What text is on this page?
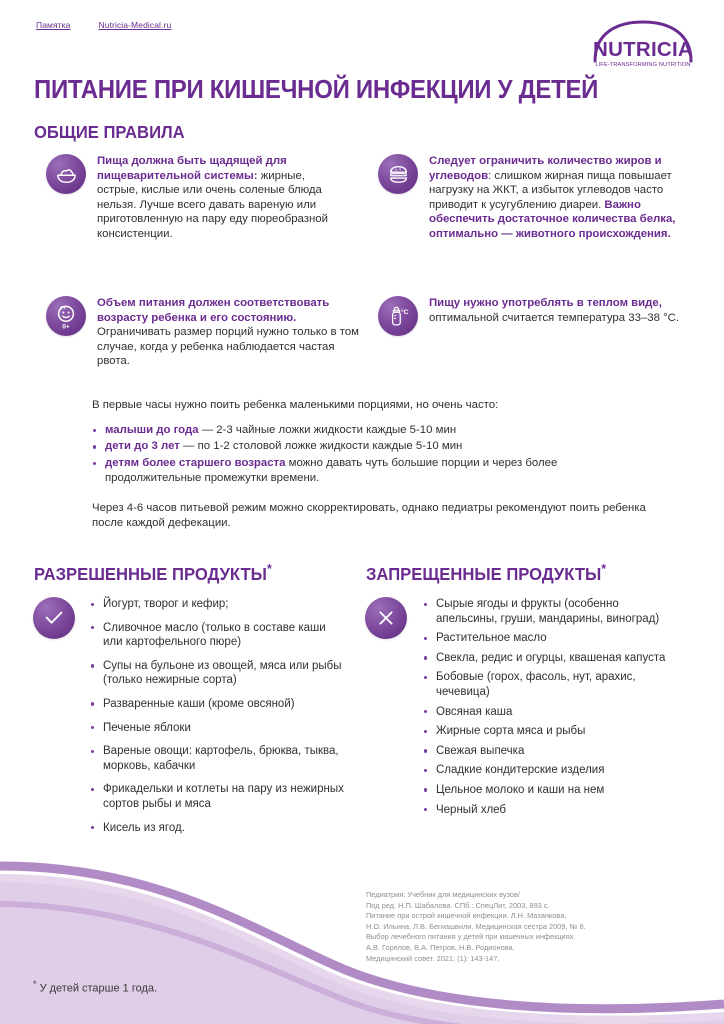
Памятка	Nutricia-Medical.ru
NUTRICIA
LIFE-TRANSFORMING NUTRITION
ПИТАНИЕ ПРИ КИШЕЧНОЙ ИНФЕКЦИИ У ДЕТЕЙ
ОБЩИЕ ПРАВИЛА
Пища должна быть щадящей для пищеварительной системы: жирные, острые, кислые или очень соленые блюда нельзя. Лучше всего давать вареную или приготовленную на пару еду пюреобразной консистенции.
Следует ограничить количество жиров и углеводов: слишком жирная пища повышает нагрузку на ЖКТ, а избыток углеводов часто приводит к усугублению диареи. Важно обеспечить достаточное количества белка, оптимально — животного происхождения.
0+
Объем питания должен соответствовать возрасту ребенка и его состоянию. Ограничивать размер порций нужно только в том случае, когда у ребенка наблюдается частая рвота.
°C
Пищу нужно употреблять в теплом виде, оптимальной считается температура 33–38 °С.
В первые часы нужно поить ребенка маленькими порциями, но очень часто:
малыши до года — 2-3 чайные ложки жидкости каждые 5-10 мин
дети до 3 лет — по 1-2 столовой ложке жидкости каждые 5-10 мин
детям более старшего возраста можно давать чуть большие порции и через более продолжительные промежутки времени.
Через 4-6 часов питьевой режим можно скорректировать, однако педиатры рекомендуют поить ребенка после каждой дефекации.
РАЗРЕШЕННЫЕ ПРОДУКТЫ*
Йогурт, творог и кефир;
Сливочное масло (только в составе каши или картофельного пюре)
Супы на бульоне из овощей, мяса или рыбы (только нежирные сорта)
Разваренные каши (кроме овсяной)
Печеные яблоки
Вареные овощи: картофель, брюква, тыква, морковь, кабачки
Фрикадельки и котлеты на пару из нежирных сортов рыбы и мяса
Кисель из ягод.
ЗАПРЕЩЕННЫЕ ПРОДУКТЫ*
Сырые ягоды и фрукты (особенно апельсины, груши, мандарины, виноград)
Растительное масло
Свекла, редис и огурцы, квашеная капуста
Бобовые (горох, фасоль, нут, арахис, чечевица)
Овсяная каша
Жирные сорта мяса и рыбы
Свежая выпечка
Сладкие кондитерские изделия
Цельное молоко и каши на нем
Черный хлеб
Педиатрия: Учебник для медицинских вузов/
Под ред. Н.П. Шабалова. СПб.: СпецЛит, 2003, 893 с.
Питание при острой кишечной инфекции. Л.Н. Мазанкова,
Н.О. Ильина, Л.В. Бегиашвили. Медицинская сестра 2009, № 8.
Выбор лечебного питания у детей при кишечных инфекциях.
А.В. Горелов, В.А. Петров, Н.В. Родионова.
Медицинский совет. 2021; (1): 143-147.
* У детей старше 1 года.
